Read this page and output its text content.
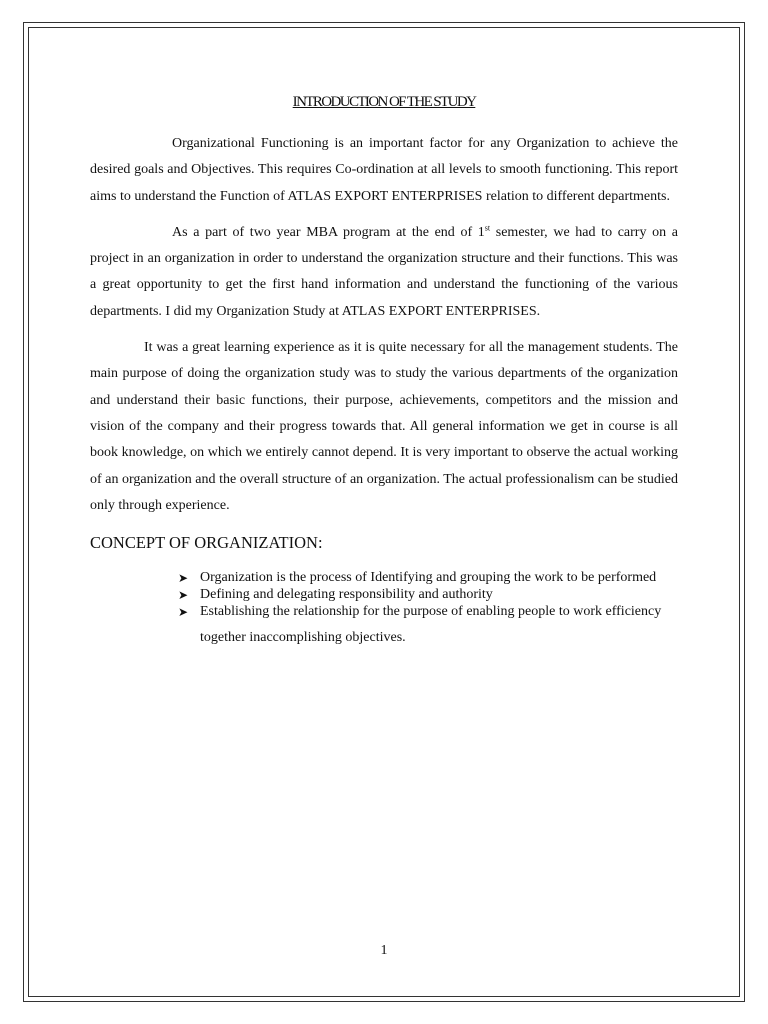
INTRODUCTION OF THE STUDY

Organizational Functioning is an important factor for any Organization to achieve the desired goals and Objectives. This requires Co-ordination at all levels to smooth functioning. This report aims to understand the Function of ATLAS EXPORT ENTERPRISES relation to different departments.

As a part of two year MBA program at the end of 1st semester, we had to carry on a project in an organization in order to understand the organization structure and their functions. This was a great opportunity to get the first hand information and understand the functioning of the various departments. I did my Organization Study at ATLAS EXPORT ENTERPRISES.

It was a great learning experience as it is quite necessary for all the management students. The main purpose of doing the organization study was to study the various departments of the organization and understand their basic functions, their purpose, achievements, competitors and the mission and vision of the company and their progress towards that. All general information we get in course is all book knowledge, on which we entirely cannot depend. It is very important to observe the actual working of an organization and the overall structure of an organization. The actual professionalism can be studied only through experience.

CONCEPT OF ORGANIZATION:
➤ Organization is the process of Identifying and grouping the work to be performed
➤ Defining and delegating responsibility and authority
➤ Establishing the relationship for the purpose of enabling people to work efficiency together inaccomplishing objectives.
1
